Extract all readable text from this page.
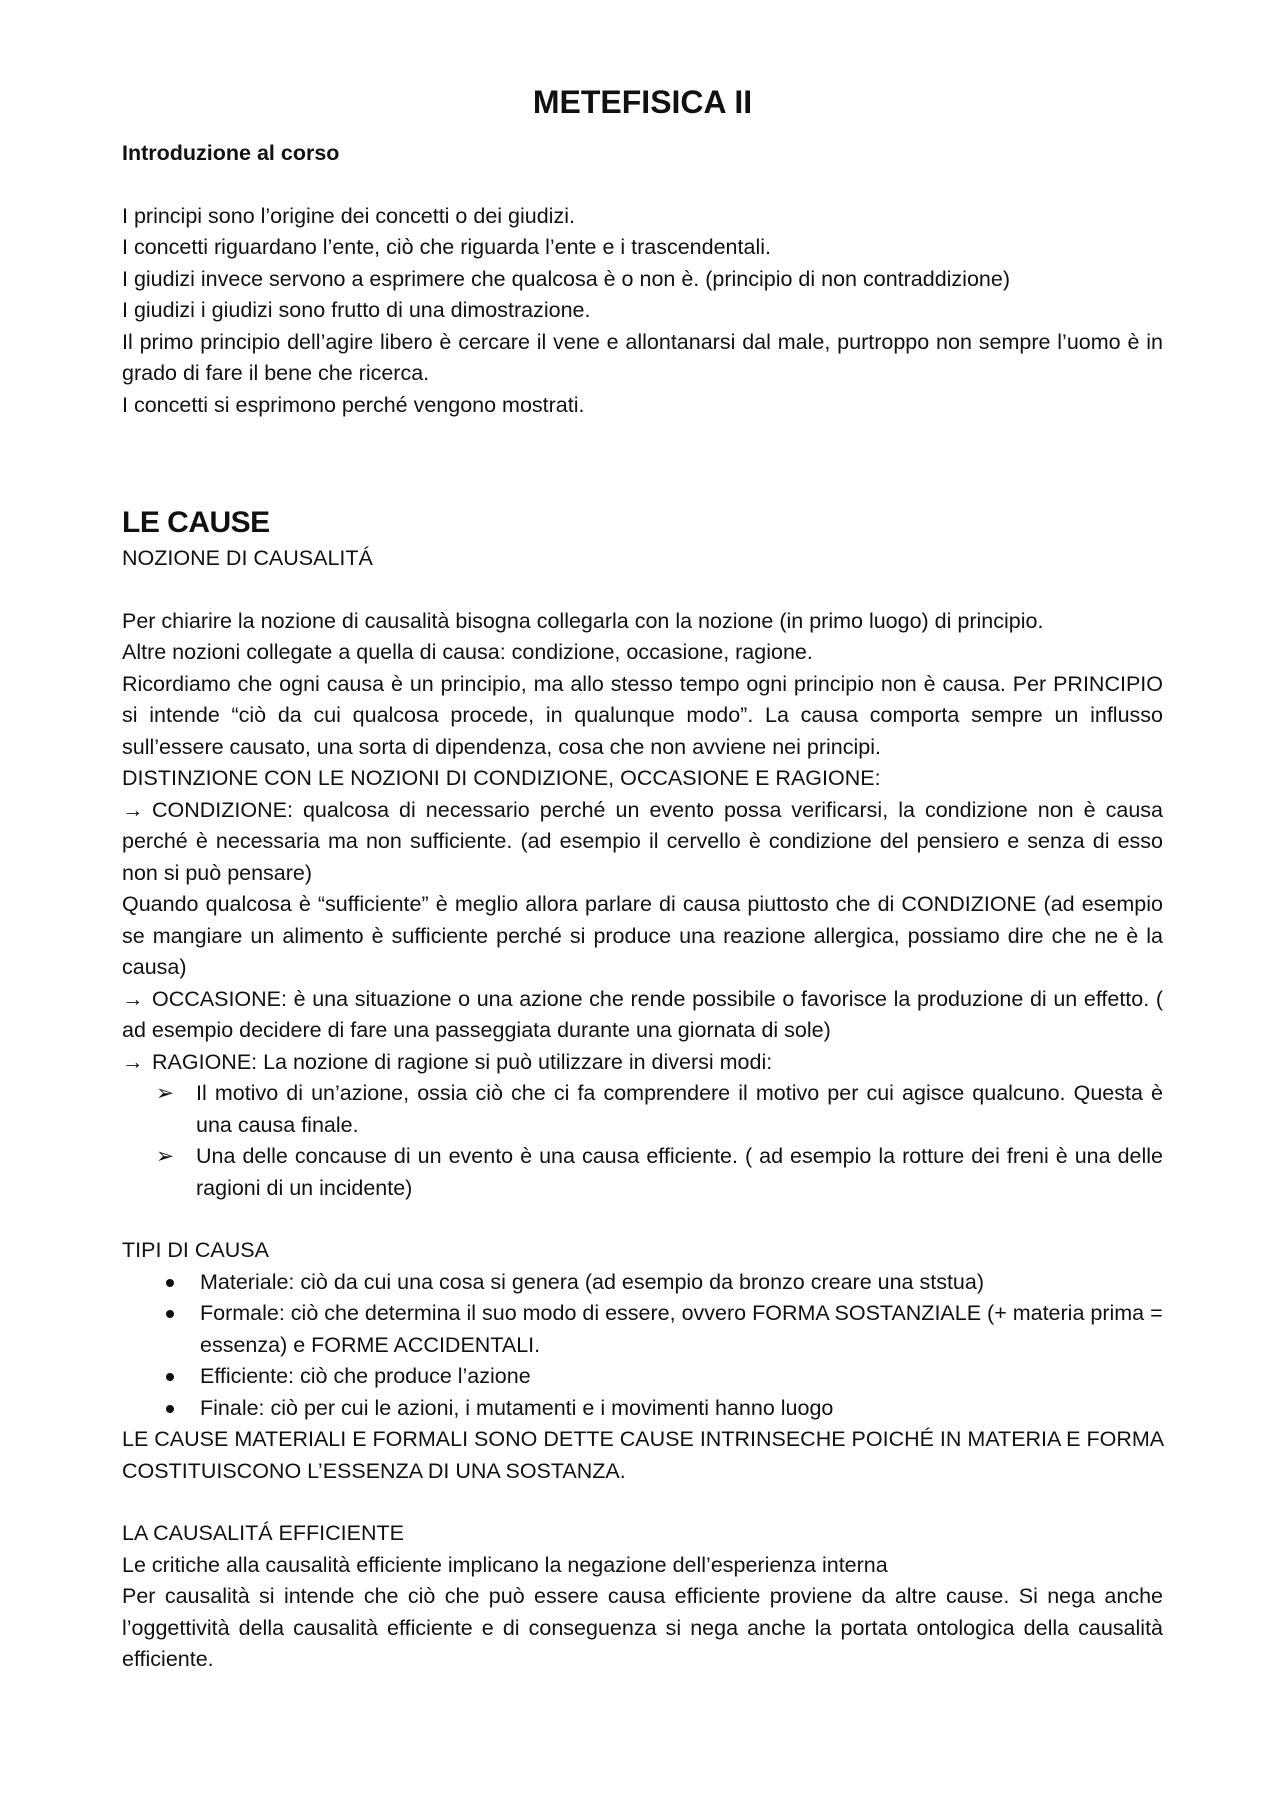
METEFISICA II

Introduzione al corso

I principi sono l’origine dei concetti o dei giudizi.

I concetti riguardano l’ente, ciò che riguarda l’ente e i trascendentali.

I giudizi invece servono a esprimere che qualcosa è o non è. (principio di non contraddizione)

I giudizi i giudizi sono frutto di una dimostrazione.

Il primo principio dell’agire libero è cercare il vene e allontanarsi dal male, purtroppo non sempre l’uomo è in grado di fare il bene che ricerca.

I concetti si esprimono perché vengono mostrati.

LE CAUSE

NOZIONE DI CAUSALITÁ

Per chiarire la nozione di causalità bisogna collegarla con la nozione (in primo luogo) di principio.

Altre nozioni collegate a quella di causa: condizione, occasione, ragione.

Ricordiamo che ogni causa è un principio, ma allo stesso tempo ogni principio non è causa. Per PRINCIPIO si intende “ciò da cui qualcosa procede, in qualunque modo”. La causa comporta sempre un influsso sull’essere causato, una sorta di dipendenza, cosa che non avviene nei principi.

DISTINZIONE CON LE NOZIONI DI CONDIZIONE, OCCASIONE E RAGIONE:

→ CONDIZIONE: qualcosa di necessario perché un evento possa verificarsi, la condizione non è causa perché è necessaria ma non sufficiente. (ad esempio il cervello è condizione del pensiero e senza di esso non si può pensare)

Quando qualcosa è “sufficiente” è meglio allora parlare di causa piuttosto che di CONDIZIONE (ad esempio se mangiare un alimento è sufficiente perché si produce una reazione allergica, possiamo dire che ne è la causa)

→ OCCASIONE: è una situazione o una azione che rende possibile o favorisce la produzione di un effetto. ( ad esempio decidere di fare una passeggiata durante una giornata di sole)

→ RAGIONE: La nozione di ragione si può utilizzare in diversi modi:

➢ Il motivo di un’azione, ossia ciò che ci fa comprendere il motivo per cui agisce qualcuno. Questa è una causa finale.
➢ Una delle concause di un evento è una causa efficiente. ( ad esempio la rotture dei freni è una delle ragioni di un incidente)

TIPI DI CAUSA

Materiale: ciò da cui una cosa si genera (ad esempio da bronzo creare una ststua)
Formale: ciò che determina il suo modo di essere, ovvero FORMA SOSTANZIALE (+ materia prima = essenza) e FORME ACCIDENTALI.
Efficiente: ciò che produce l’azione
Finale: ciò per cui le azioni, i mutamenti e i movimenti hanno luogo

LE CAUSE MATERIALI E FORMALI SONO DETTE CAUSE INTRINSECHE POICHÉ IN MATERIA E FORMA COSTITUISCONO L’ESSENZA DI UNA SOSTANZA.

LA CAUSALITÁ EFFICIENTE

Le critiche alla causalità efficiente implicano la negazione dell’esperienza interna

Per causalità si intende che ciò che può essere causa efficiente proviene da altre cause. Si nega anche l’oggettività della causalità efficiente e di conseguenza si nega anche la portata ontologica della causalità efficiente.
